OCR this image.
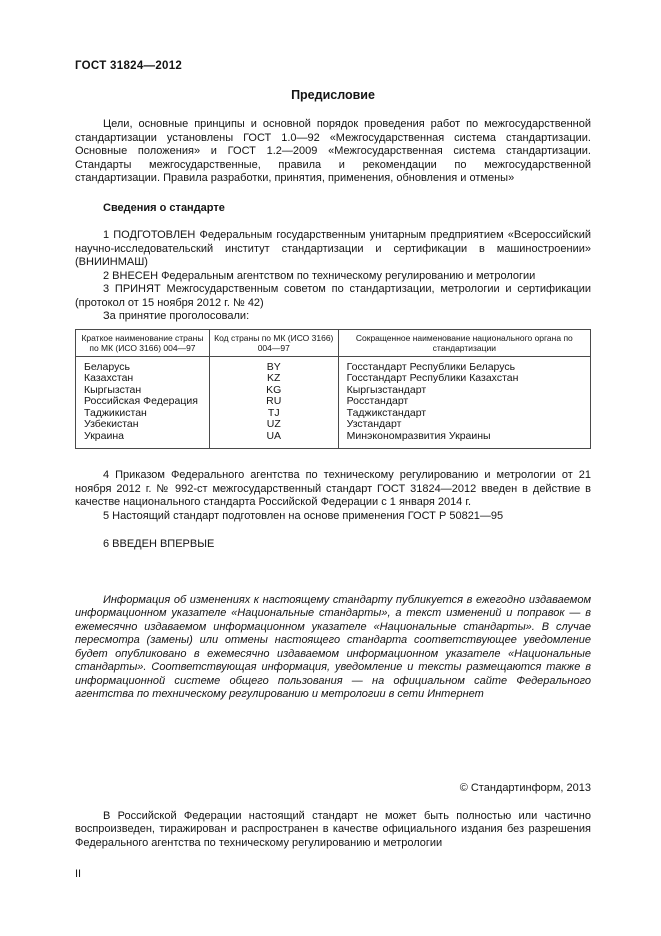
ГОСТ 31824—2012
Предисловие

Цели, основные принципы и основной порядок проведения работ по межгосударственной стандартизации установлены ГОСТ 1.0—92 «Межгосударственная система стандартизации. Основные положения» и ГОСТ 1.2—2009 «Межгосударственная система стандартизации. Стандарты межгосударственные, правила и рекомендации по межгосударственной стандартизации. Правила разработки, принятия, применения, обновления и отмены»

Сведения о стандарте

1 ПОДГОТОВЛЕН Федеральным государственным унитарным предприятием «Всероссийский научно-исследовательский институт стандартизации и сертификации в машиностроении» (ВНИИНМАШ)

2 ВНЕСЕН Федеральным агентством по техническому регулированию и метрологии

3 ПРИНЯТ Межгосударственным советом по стандартизации, метрологии и сертификации (протокол от 15 ноября 2012 г. № 42)

За принятие проголосовали:

Краткое наименование страны по МК (ИСО 3166) 004—97	Код страны по МК (ИСО 3166) 004—97	Сокращенное наименование национального органа по стандартизации
Беларусь	BY	Госстандарт Республики Беларусь
Казахстан	KZ	Госстандарт Республики Казахстан
Кыргызстан	KG	Кыргызстандарт
Российская Федерация	RU	Росстандарт
Таджикистан	TJ	Таджикстандарт
Узбекистан	UZ	Узстандарт
Украина	UA	Минэкономразвития Украины

4 Приказом Федерального агентства по техническому регулированию и метрологии от 21 ноября 2012 г. № 992-ст межгосударственный стандарт ГОСТ 31824—2012 введен в действие в качестве национального стандарта Российской Федерации с 1 января 2014 г.

5 Настоящий стандарт подготовлен на основе применения ГОСТ Р 50821—95

6 ВВЕДЕН ВПЕРВЫЕ

Информация об изменениях к настоящему стандарту публикуется в ежегодно издаваемом информационном указателе «Национальные стандарты», а текст изменений и поправок — в ежемесячно издаваемом информационном указателе «Национальные стандарты». В случае пересмотра (замены) или отмены настоящего стандарта соответствующее уведомление будет опубликовано в ежемесячно издаваемом информационном указателе «Национальные стандарты». Соответствующая информация, уведомление и тексты размещаются также в информационной системе общего пользования — на официальном сайте Федерального агентства по техническому регулированию и метрологии в сети Интернет

© Стандартинформ, 2013

В Российской Федерации настоящий стандарт не может быть полностью или частично воспроизведен, тиражирован и распространен в качестве официального издания без разрешения Федерального агентства по техническому регулированию и метрологии

II
